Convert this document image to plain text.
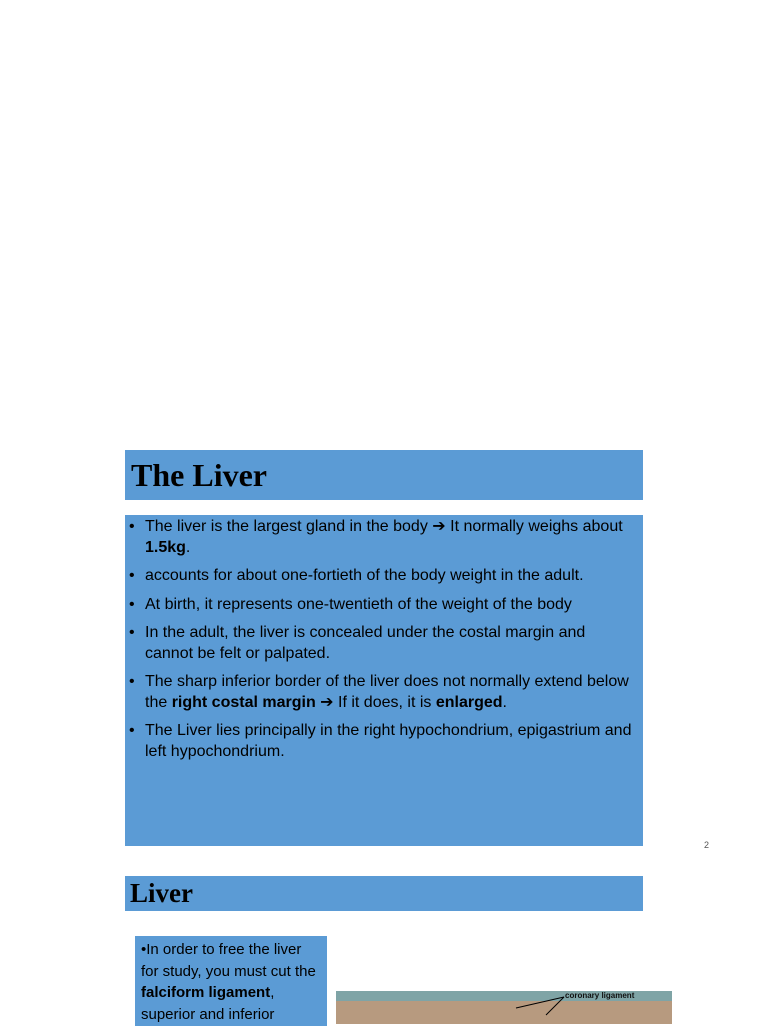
The Liver
• The liver is the largest gland in the body ➔ It normally weighs about 1.5kg.
• accounts for about one-fortieth of the body weight in the adult.
• At birth, it represents one-twentieth of the weight of the body
• In the adult, the liver is concealed under the costal margin and cannot be felt or palpated.
• The sharp inferior border of the liver does not normally extend below the right costal margin ➔ If it does, it is enlarged.
• The Liver lies principally in the right hypochondrium, epigastrium and left hypochondrium.
2
Liver
•In order to free the liver for study, you must cut the falciform ligament, superior and inferior
coronary ligament
